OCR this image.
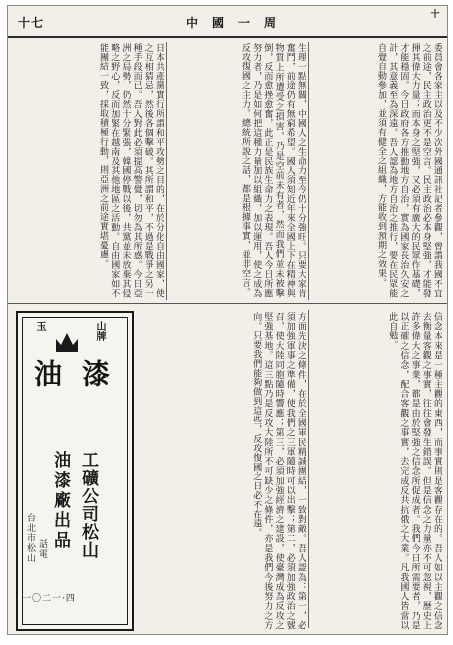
十七	中國一周
十
委員會各家主以及不少次外國通訊社記者參觀，曾謂我國不宜之前途，民主政治更不是空言。民主政治必本身堅強，才能發揮其偉大力量；而本身之堅強，又必須有廣大的民眾作基礎，才能穩固。今日政府各方推動地方自治，實為國家長治久安之計，其意義至為深遠。吾人認為地方自治之推行，要在民眾能自覺自動參加，並須有健全之組織，方能收到預期之效果。
生理一點無關，中國人之生命力至今仍十分強旺。只要大家肯奮鬥，前途仍有無窮希望。國人須知近年來全國上下在精神與物質上所遭受之損害，乃是空前未有者，然而我們並未被擊倒，反而愈挫愈奮，此正是民族生命力之表現。吾人今日所應努力者，乃是如何把這種力量加以組織，加以運用，使之成為反攻復國之主力。總統所說之話，都是根據事實，並非空言。
日本共產黨實行所謂和平攻勢之目的，在於分化自由國家，使之互相猜忌，然後各個擊破。其所謂和平，不過是戰爭之另一種手段而已。吾人對此必須提高警覺，切勿為其所惑。今日亞洲之局勢，仍然十分緊張，韓國停戰以後，共黨並未放棄其侵略之野心，反而加緊在越南及其他地區之活動。自由國家如不能團結一致，採取積極行動，則亞洲之前途實堪憂慮。
信念本來是一種主觀的東西，而事實則是客觀存在的。吾人如以主觀之信念去衡量客觀之事實，往往會發生錯誤。但是信念之力量亦不可忽視，歷史上許多偉大之事業，都是由於堅強之信念所促成者。我們今日所需要者，乃是以正確之信念，配合客觀之事實，去完成反共抗俄之大業。凡我國人皆當以此自勉。
方面先決之條件，在於全國軍民精誠團結，一致對敵。吾人認為：第一，必須加強軍事之準備，使我們之三軍隨時可以出擊；第二，必須加強政治之號召，使大陸同胞隨時響應；第三，必須加強經濟之建設，使臺灣成為反攻之堅強基地。這三點乃是反攻大陸所不可缺少之條件，亦是我們今後努力之方向。只要我們能夠做到這些，反攻復國之日必不在遠。
山牌
玉
漆
油
工礦公司松山
油漆廠出品
台北市松山 話電
一〇二一·四
